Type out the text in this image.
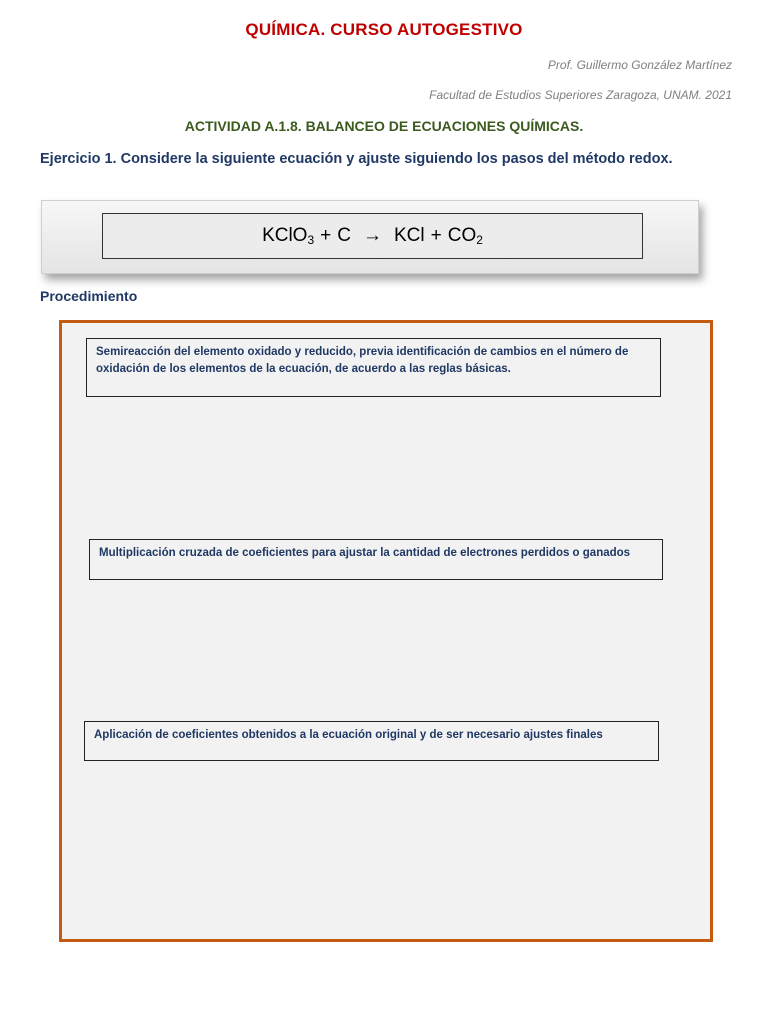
QUÍMICA. CURSO AUTOGESTIVO
Prof. Guillermo González Martínez
Facultad de Estudios Superiores Zaragoza, UNAM. 2021
ACTIVIDAD A.1.8. BALANCEO DE ECUACIONES QUÍMICAS.
Ejercicio 1. Considere la siguiente ecuación y ajuste siguiendo los pasos del método redox.
KClO$_3$ + C → KCl + $CO_2$
Procedimiento
Semireacción del elemento oxidado y reducido, previa identificación de cambios en el número de oxidación de los elementos de la ecuación, de acuerdo a las reglas básicas.
Multiplicación cruzada de coeficientes para ajustar la cantidad de electrones perdidos o ganados
Aplicación de coeficientes obtenidos a la ecuación original y de ser necesario ajustes finales
